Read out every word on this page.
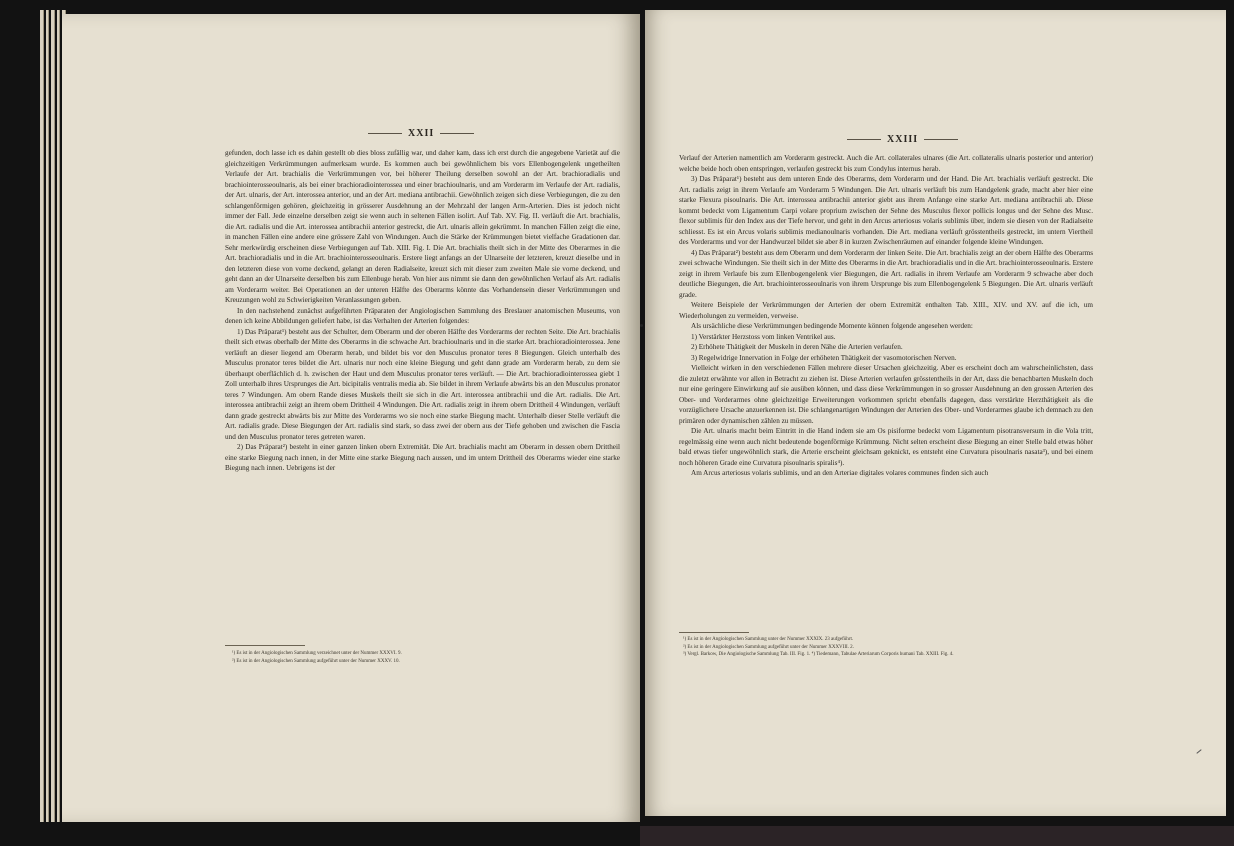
XXII

gefunden, doch lasse ich es dahin gestellt ob dies bloss zufällig war, und daher kam, dass ich erst durch die angegebene Varietät auf die gleichzeitigen Verkrümmungen aufmerksam wurde. Es kommen auch bei gewöhnlichem bis vors Ellenbogengelenk ungetheilten Verlaufe der Art. brachialis die Verkrümmungen vor, bei höherer Theilung derselben sowohl an der Art. brachioradialis und brachiointerosseoulnaris, als bei einer brachioradiointerossea und einer brachioulnaris, und am Vorderarm im Verlaufe der Art. radialis, der Art. ulnaris, der Art. interossea anterior, und an der Art. mediana antibrachii. Gewöhnlich zeigen sich diese Verbiegungen, die zu den schlangenförmigen gehören, gleichzeitig in grösserer Ausdehnung an der Mehrzahl der langen Arm-Arterien. Dies ist jedoch nicht immer der Fall. Jede einzelne derselben zeigt sie wenn auch in seltenen Fällen isolirt. Auf Tab. XV. Fig. II. verläuft die Art. brachialis, die Art. radialis und die Art. interossea antibrachii anterior gestreckt, die Art. ulnaris allein gekrümmt. In manchen Fällen zeigt die eine, in manchen Fällen eine andere eine grössere Zahl von Windungen. Auch die Stärke der Krümmungen bietet vielfache Gradationen dar. Sehr merkwürdig erscheinen diese Verbiegungen auf Tab. XIII. Fig. I. Die Art. brachialis theilt sich in der Mitte des Oberarmes in die Art. brachioradialis und in die Art. brachiointerosseoulnaris. Erstere liegt anfangs an der Ulnarseite der letzteren, kreuzt dieselbe und in den letzteren diese von vorne deckend, gelangt an deren Radialseite, kreuzt sich mit dieser zum zweiten Male sie vorne deckend, und geht dann an der Ulnarseite derselben bis zum Ellenbuge herab. Von hier aus nimmt sie dann den gewöhnlichen Verlauf als Art. radialis am Vorderarm weiter. Bei Operationen an der unteren Hälfte des Oberarms könnte das Vorhandensein dieser Verkrümmungen und Kreuzungen wohl zu Schwierigkeiten Veranlassungen geben.

In den nachstehend zunächst aufgeführten Präparaten der Angiologischen Sammlung des Breslauer anatomischen Museums, von denen ich keine Abbildungen geliefert habe, ist das Verhalten der Arterien folgendes:

1) Das Präparat¹) besteht aus der Schulter, dem Oberarm und der oberen Hälfte des Vorderarms der rechten Seite. Die Art. brachialis theilt sich etwas oberhalb der Mitte des Oberarms in die schwache Art. brachioulnaris und in die starke Art. brachioradiointerossea. Jene verläuft an dieser liegend am Oberarm herab, und bildet bis vor den Musculus pronator teres 8 Biegungen. Gleich unterhalb des Musculus pronator teres bildet die Art. ulnaris nur noch eine kleine Biegung und geht dann grade am Vorderarm herab, zu dem sie überhaupt oberflächlich d. h. zwischen der Haut und dem Musculus pronator teres verläuft. — Die Art. brachioradiointerossea giebt 1 Zoll unterhalb ihres Ursprunges die Art. bicipitalis ventralis media ab. Sie bildet in ihrem Verlaufe abwärts bis an den Musculus pronator teres 7 Windungen. Am obern Rande dieses Muskels theilt sie sich in die Art. interossea antibrachii und die Art. radialis. Die Art. interossea antibrachii zeigt an ihrem obern Drittheil 4 Windungen. Die Art. radialis zeigt in ihrem obern Drittheil 4 Windungen, verläuft dann grade gestreckt abwärts bis zur Mitte des Vorderarms wo sie noch eine starke Biegung macht. Unterhalb dieser Stelle verläuft die Art. radialis grade. Diese Biegungen der Art. radialis sind stark, so dass zwei der obern aus der Tiefe gehoben und zwischen die Fascia und den Musculus pronator teres getreten waren.

2) Das Präparat²) besteht in einer ganzen linken obern Extremität. Die Art. brachialis macht am Oberarm in dessen obern Drittheil eine starke Biegung nach innen, in der Mitte eine starke Biegung nach aussen, und im untern Drittheil des Oberarms wieder eine starke Biegung nach innen. Uebrigens ist der

¹) Es ist in der Angiologischen Sammlung verzeichnet unter der Nummer XXXVI. 9.
²) Es ist in der Angiologischen Sammlung aufgeführt unter der Nummer XXXV. 10.
XXIII

Verlauf der Arterien namentlich am Vorderarm gestreckt. Auch die Art. collaterales ulnares (die Art. collateralis ulnaris posterior und anterior) welche beide hoch oben entspringen, verlaufen gestreckt bis zum Condylus internus herab.

3) Das Präparat¹) besteht aus dem unteren Ende des Oberarms, dem Vorderarm und der Hand. Die Art. brachialis verläuft gestreckt. Die Art. radialis zeigt in ihrem Verlaufe am Vorderarm 5 Windungen. Die Art. ulnaris verläuft bis zum Handgelenk grade, macht aber hier eine starke Flexura pisoulnaris. Die Art. interossea antibrachii anterior giebt aus ihrem Anfange eine starke Art. mediana antibrachii ab. Diese kommt bedeckt vom Ligamentum Carpi volare proprium zwischen der Sehne des Musculus flexor pollicis longus und der Sehne des Musc. flexor sublimis für den Index aus der Tiefe hervor, und geht in den Arcus arteriosus volaris sublimis über, indem sie diesen von der Radialseite schliesst. Es ist ein Arcus volaris sublimis medianoulnaris vorhanden. Die Art. mediana verläuft grösstentheils gestreckt, im untern Viertheil des Vorderarms und vor der Handwurzel bildet sie aber 8 in kurzen Zwischenräumen auf einander folgende kleine Windungen.

4) Das Präparat²) besteht aus dem Oberarm und dem Vorderarm der linken Seite. Die Art. brachialis zeigt an der obern Hälfte des Oberarms zwei schwache Windungen. Sie theilt sich in der Mitte des Oberarms in die Art. brachioradialis und in die Art. brachiointerosseoulnaris. Erstere zeigt in ihrem Verlaufe bis zum Ellenbogengelenk vier Biegungen, die Art. radialis in ihrem Verlaufe am Vorderarm 9 schwache aber doch deutliche Biegungen, die Art. brachiointerosseoulnaris von ihrem Ursprunge bis zum Ellenbogengelenk 5 Biegungen. Die Art. ulnaris verläuft grade.

Weitere Beispiele der Verkrümmungen der Arterien der obern Extremität enthalten Tab. XIII., XIV. und XV. auf die ich, um Wiederholungen zu vermeiden, verweise.

Als ursächliche diese Verkrümmungen bedingende Momente können folgende angesehen werden:

1) Verstärkter Herzstoss vom linken Ventrikel aus.

2) Erhöhete Thätigkeit der Muskeln in deren Nähe die Arterien verlaufen.

3) Regelwidrige Innervation in Folge der erhöheten Thätigkeit der vasomotorischen Nerven.

Vielleicht wirken in den verschiedenen Fällen mehrere dieser Ursachen gleichzeitig. Aber es erscheint doch am wahrscheinlichsten, dass die zuletzt erwähnte vor allen in Betracht zu ziehen ist. Diese Arterien verlaufen grösstentheils in der Art, dass die benachbarten Muskeln doch nur eine geringere Einwirkung auf sie ausüben können, und dass diese Verkrümmungen in so grosser Ausdehnung an den grossen Arterien des Ober- und Vorderarmes ohne gleichzeitige Erweiterungen vorkommen spricht ebenfalls dagegen, dass verstärkte Herzthätigkeit als die vorzüglichere Ursache anzuerkennen ist. Die schlangenartigen Windungen der Arterien des Ober- und Vorderarmes glaube ich demnach zu den primären oder dynamischen zählen zu müssen.

Die Art. ulnaris macht beim Eintritt in die Hand indem sie am Os pisiforme bedeckt vom Ligamentum pisotransversum in die Vola tritt, regelmässig eine wenn auch nicht bedeutende bogenförmige Krümmung. Nicht selten erscheint diese Biegung an einer Stelle bald etwas höher bald etwas tiefer ungewöhnlich stark, die Arterie erscheint gleichsam geknickt, es entsteht eine Curvatura pisoulnaris nasata³), und bei einem noch höheren Grade eine Curvatura pisoulnaris spiralis⁴).

Am Arcus arteriosus volaris sublimis, und an den Arteriae digitales volares communes finden sich auch

¹) Es ist in der Angiologischen Sammlung unter der Nummer XXXIX. 23 aufgeführt.
²) Es ist in der Angiologischen Sammlung aufgeführt unter der Nummer XXXVIII. 2.
³) Vergl. Barkow, Die Angiologische Sammlung Tab. III. Fig. 1. ⁴) Tiedemann, Tabulae Arteriarum Corporis humani Tab. XXIII. Fig. 4.
